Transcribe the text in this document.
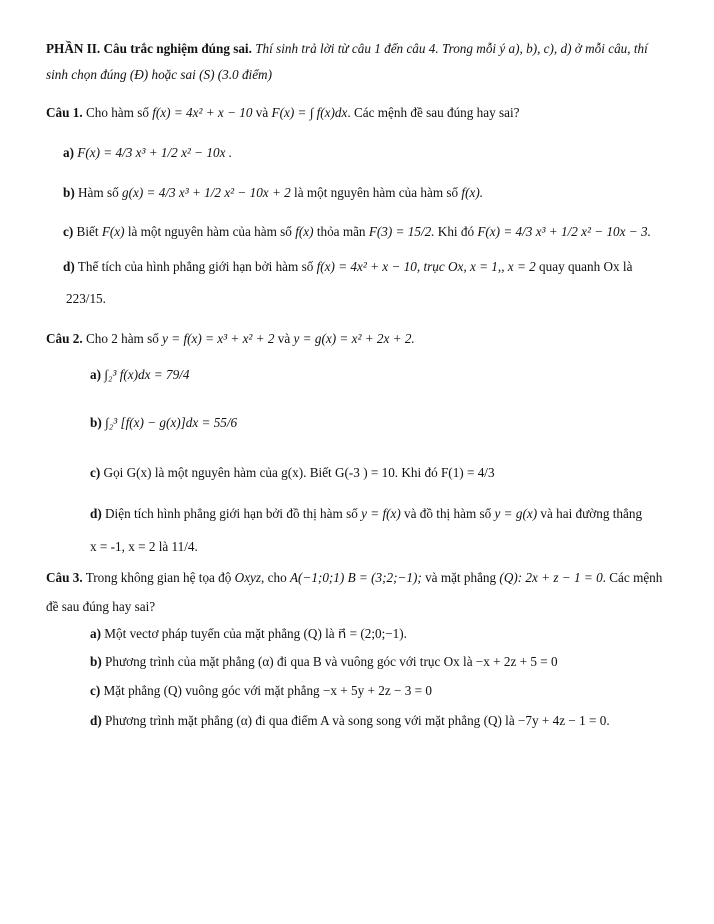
PHẦN II. Câu trắc nghiệm đúng sai. Thí sinh trả lời từ câu 1 đến câu 4. Trong mỗi ý a), b), c), d) ở mỗi câu, thí
sinh chọn đúng (Đ) hoặc sai (S) (3.0 điểm)
Câu 1. Cho hàm số f(x) = 4x² + x − 10 và F(x) = ∫ f(x)dx. Các mệnh đề sau đúng hay sai?
a) F(x) = 4/3 x³ + 1/2 x² − 10x .
b) Hàm số g(x) = 4/3 x³ + 1/2 x² − 10x + 2 là một nguyên hàm của hàm số f(x).
c) Biết F(x) là một nguyên hàm của hàm số f(x) thỏa mãn F(3) = 15/2. Khi đó F(x) = 4/3 x³ + 1/2 x² − 10x − 3.
d) Thể tích của hình phẳng giới hạn bởi hàm số f(x) = 4x² + x − 10, trục Ox, x = 1,, x = 2 quay quanh Ox là
223/15.
Câu 2. Cho 2 hàm số y = f(x) = x³ + x² + 2 và y = g(x) = x² + 2x + 2.
a) ∫₂³ f(x)dx = 79/4
b) ∫₂³ [f(x) − g(x)]dx = 55/6
c) Gọi G(x) là một nguyên hàm của g(x). Biết G(-3 ) = 10. Khi đó F(1) = 4/3
d) Diện tích hình phẳng giới hạn bởi đồ thị hàm số y = f(x) và đồ thị hàm số y = g(x) và hai đường thẳng
x = -1, x = 2 là 11/4.
Câu 3. Trong không gian hệ tọa độ Oxyz, cho A(−1;0;1) B = (3;2;−1); và mặt phẳng (Q): 2x + z − 1 = 0. Các mệnh
đề sau đúng hay sai?
a) Một vectơ pháp tuyến của mặt phẳng (Q) là n⃗ = (2;0;−1).
b) Phương trình của mặt phẳng (α) đi qua B và vuông góc với trục Ox là −x + 2z + 5 = 0
c) Mặt phẳng (Q) vuông góc với mặt phẳng −x + 5y + 2z − 3 = 0
d) Phương trình mặt phẳng (α) đi qua điểm A và song song với mặt phẳng (Q) là −7y + 4z − 1 = 0.
